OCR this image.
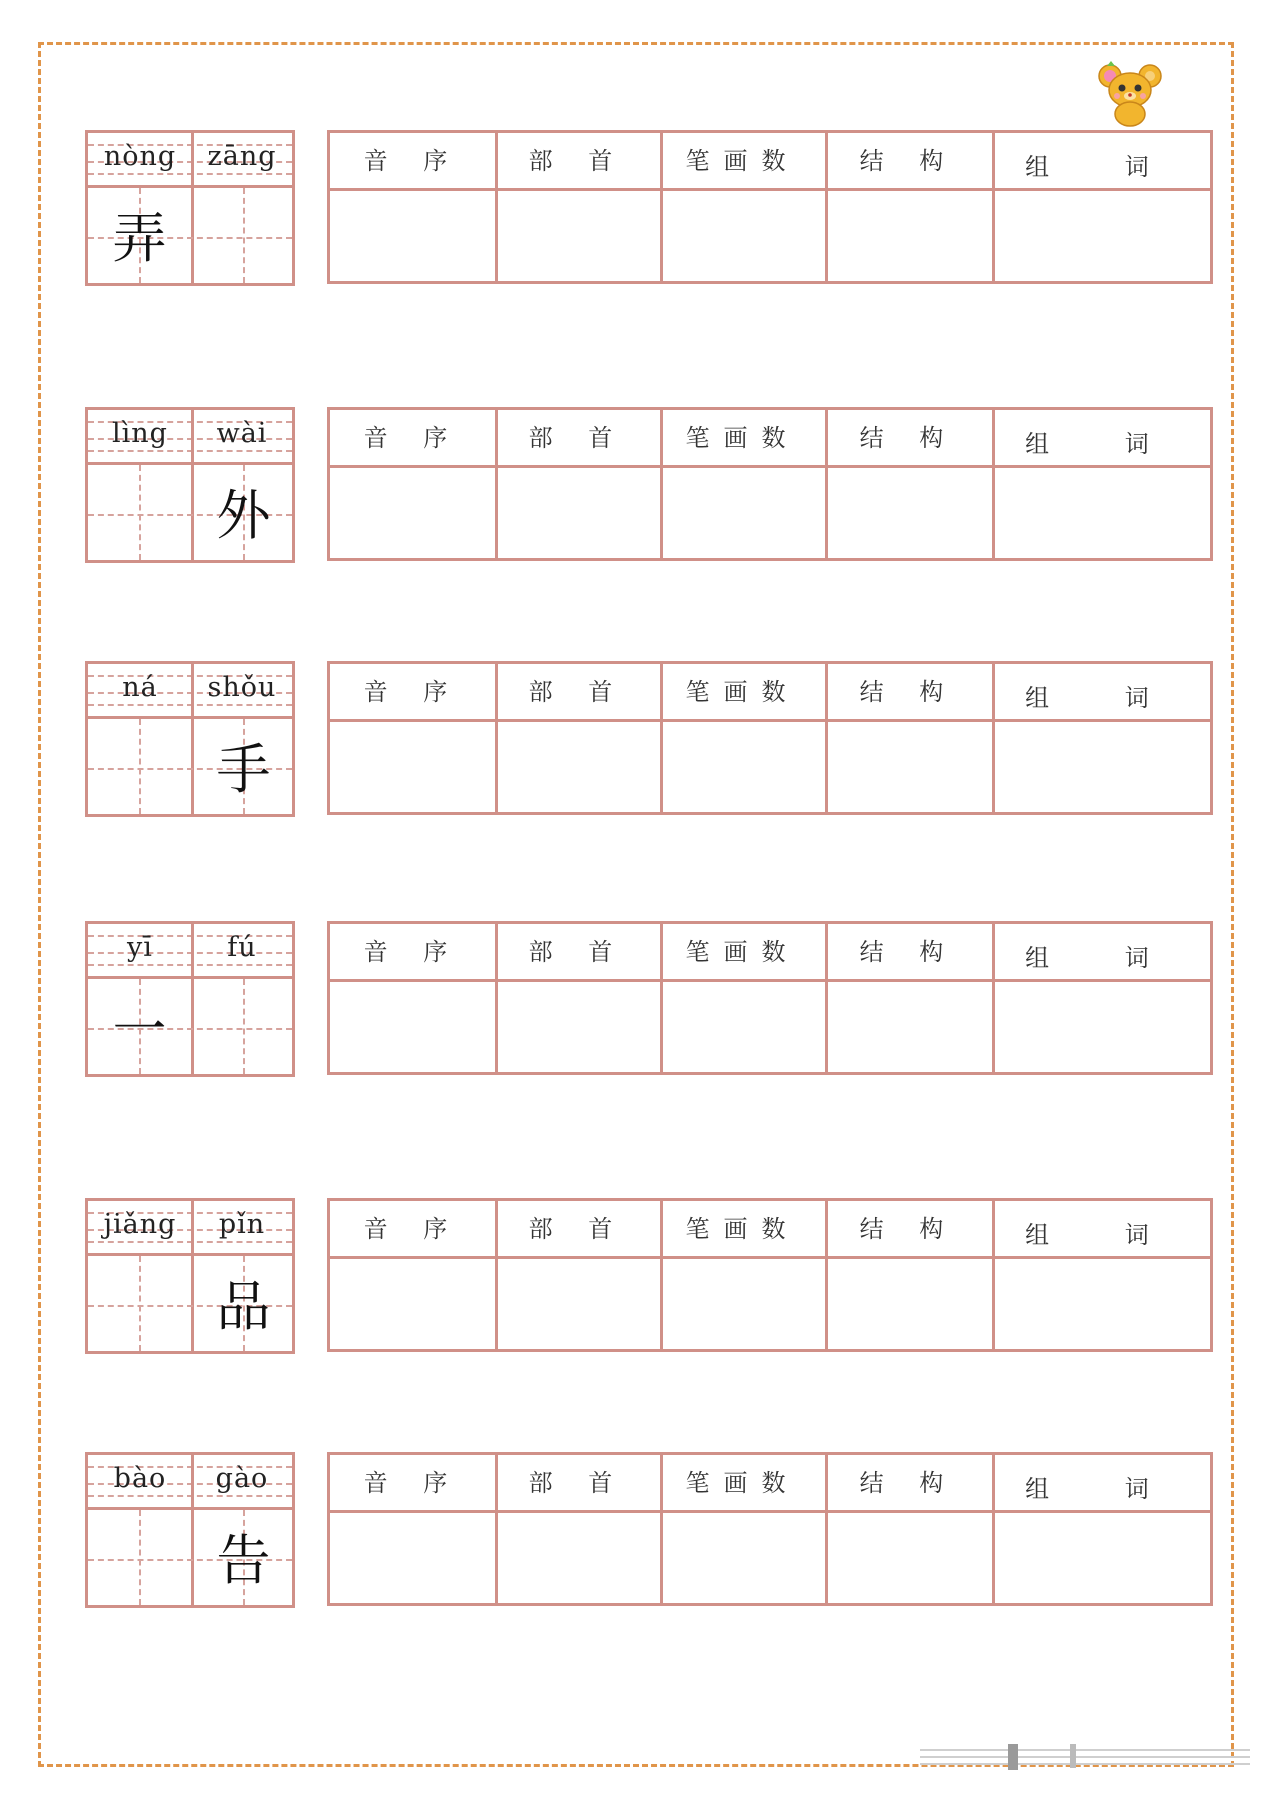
nòng	zāng
弄
音 序	部 首	笔画数	结 构	组 词
lìng	wài
外
音 序	部 首	笔画数	结 构	组 词
ná	shǒu
手
音 序	部 首	笔画数	结 构	组 词
yī	fú
一
音 序	部 首	笔画数	结 构	组 词
jiǎng	pǐn
品
音 序	部 首	笔画数	结 构	组 词
bào	gào
告
音 序	部 首	笔画数	结 构	组 词
